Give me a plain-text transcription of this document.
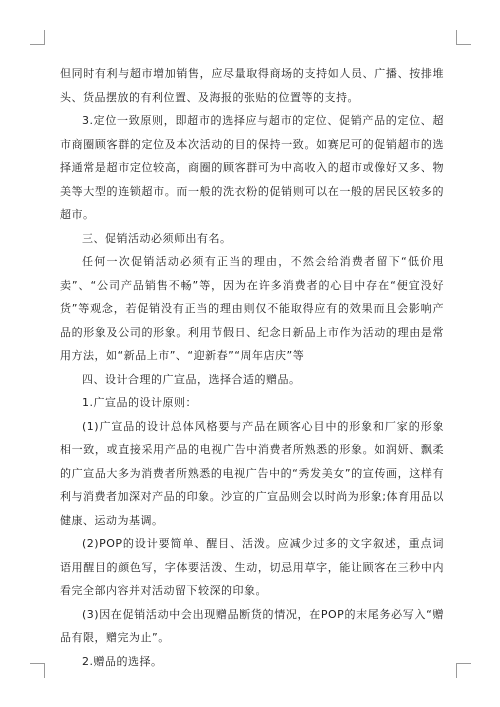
但同时有利与超市增加销售，应尽量取得商场的支持如人员、广播、按排堆头、货品摆放的有利位置、及海报的张贴的位置等的支持。

3.定位一致原则，即超市的选择应与超市的定位、促销产品的定位、超市商圈顾客群的定位及本次活动的目的保持一致。如赛尼可的促销超市的选择通常是超市定位较高，商圈的顾客群可为中高收入的超市或像好又多、物美等大型的连锁超市。而一般的洗衣粉的促销则可以在一般的居民区较多的超市。

三、促销活动必须师出有名。

任何一次促销活动必须有正当的理由，不然会给消费者留下“低价甩卖”、“公司产品销售不畅”等，因为在许多消费者的心目中存在“便宜没好货”等观念，若促销没有正当的理由则仅不能取得应有的效果而且会影响产品的形象及公司的形象。利用节假日、纪念日新品上市作为活动的理由是常用方法，如“新品上市”、“迎新春”“周年店庆”等

四、设计合理的广宣品，选择合适的赠品。

1.广宣品的设计原则：

(1)广宣品的设计总体风格要与产品在顾客心目中的形象和厂家的形象相一致，或直接采用产品的电视广告中消费者所熟悉的形象。如润妍、飘柔的广宣品大多为消费者所熟悉的电视广告中的“秀发美女”的宣传画，这样有利与消费者加深对产品的印象。沙宣的广宣品则会以时尚为形象;体育用品以健康、运动为基调。

(2)POP的设计要简单、醒目、活泼。应减少过多的文字叙述，重点词语用醒目的颜色写，字体要活泼、生动，切忌用草字，能让顾客在三秒中内看完全部内容并对活动留下较深的印象。

(3)因在促销活动中会出现赠品断货的情况，在POP的末尾务必写入“赠品有限，赠完为止”。

2.赠品的选择。
